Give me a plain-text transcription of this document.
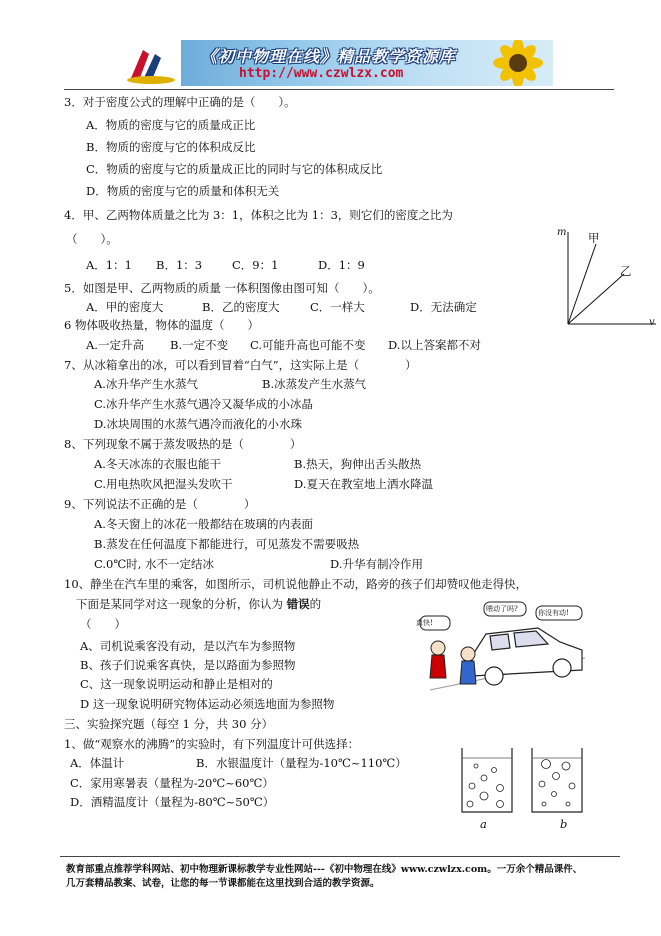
《初中物理在线》精品教学资源库
http://www.czwlzx.com
3．对于密度公式的理解中正确的是（　　）。
A．物质的密度与它的质量成正比
B．物质的密度与它的体积成反比
C．物质的密度与它的质量成正比的同时与它的体积成反比
D．物质的密度与它的质量和体积无关
4．甲、乙两物体质量之比为 3：1，体积之比为 1：3，则它们的密度之比为
（　　）。
A．1：1 B．1：3	C．9：1	D．1：9
m
v
甲
乙
5．如图是甲、乙两物质的质量 一体积图像由图可知（　　）。
A．甲的密度大	B．乙的密度大	C．一样大	D．无法确定
6 物体吸收热量，物体的温度（　　）
A.一定升高 B.一定不变 C.可能升高也可能不变 D.以上答案都不对
7、从冰箱拿出的冰，可以看到冒着“白气”，这实际上是（　　　　）
A.冰升华产生水蒸气	B.冰蒸发产生水蒸气
C.冰升华产生水蒸气遇冷又凝华成的小冰晶
D.冰块周围的水蒸气遇冷而液化的小水珠
8、下列现象不属于蒸发吸热的是（　　　　）
A.冬天冰冻的衣服也能干	B.热天，狗伸出舌头散热
C.用电热吹风把湿头发吹干	D.夏天在教室地上洒水降温
9、下列说法不正确的是（　　　　）
A.冬天窗上的冰花一般都结在玻璃的内表面
B.蒸发在任何温度下都能进行，可见蒸发不需要吸热
C.0℃时, 水不一定结冰	D.升华有制冷作用
10、静坐在汽车里的乘客，如图所示，司机说他静止不动，路旁的孩子们却赞叹他走得快，
下面是某同学对这一现象的分析，你认为 错误的
（　　）
A、司机说乘客没有动，是以汽车为参照物
B、孩子们说乘客真快，是以路面为参照物
C、这一现象说明运动和静止是相对的
D 这一现象说明研究物体运动必须选地面为参照物
真快!
喂动了吗?	你没有动!
三、实验探究题（每空 1 分，共 30 分）
1、做“观察水的沸腾”的实验时，有下列温度计可供选择：
A．体温计	B．水银温度计（量程为-10℃~110℃）
C．家用寒暑表（量程为-20℃~60℃）
D．酒精温度计（量程为-80℃~50℃）
a	b
教育部重点推荐学科网站、初中物理新课标教学专业性网站---《初中物理在线》www.czwlzx.com。一万余个精品课件、
几万套精品教案、试卷，让您的每一节课都能在这里找到合适的教学资源。
